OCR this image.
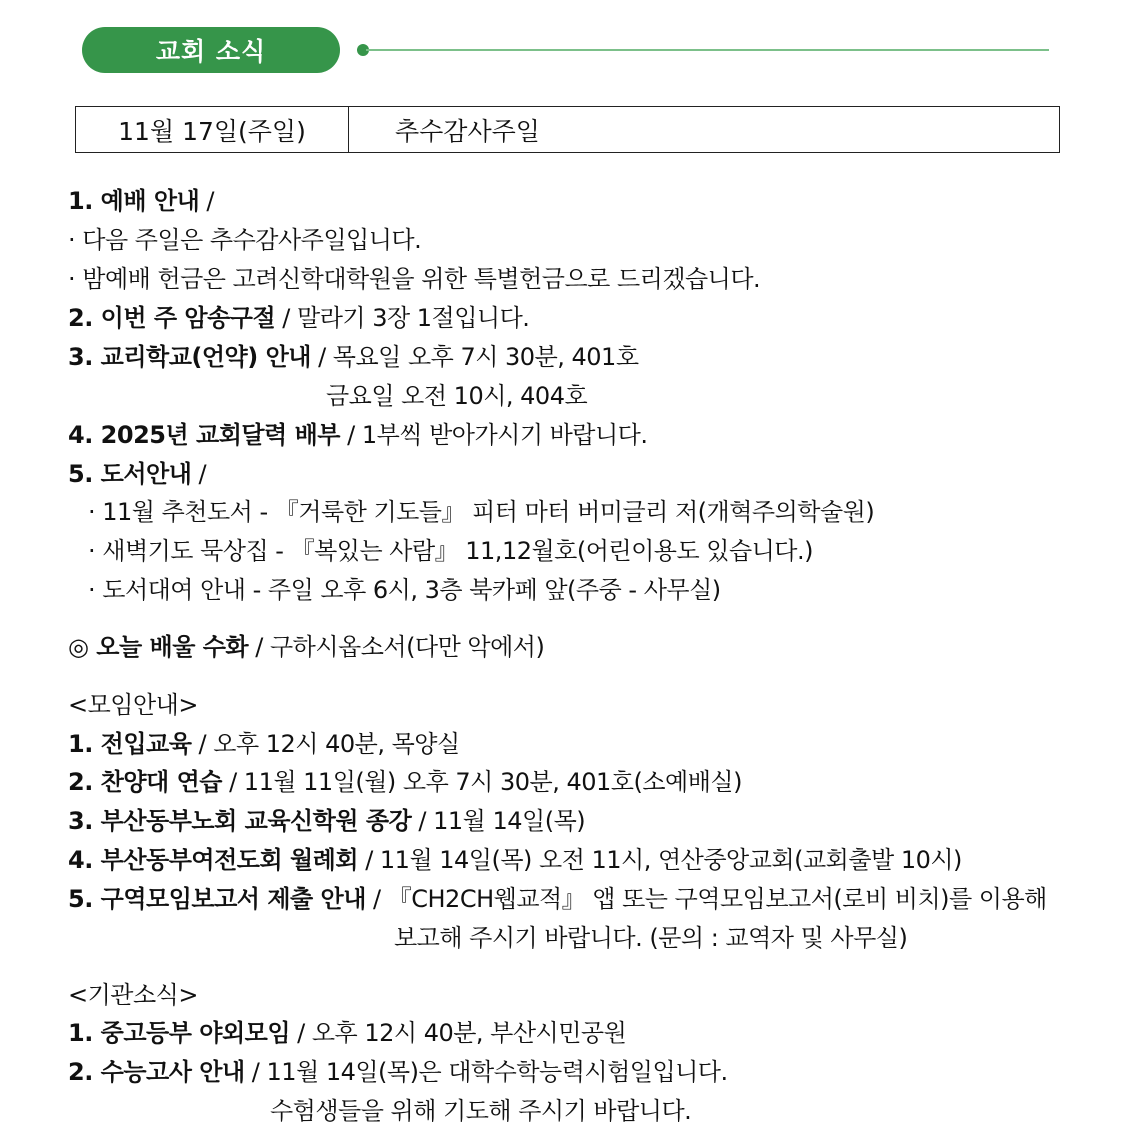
교회 소식
11월 17일(주일)	추수감사주일
1. 예배 안내 /
· 다음 주일은 추수감사주일입니다.
· 밤예배 헌금은 고려신학대학원을 위한 특별헌금으로 드리겠습니다.
2. 이번 주 암송구절 / 말라기 3장 1절입니다.
3. 교리학교(언약) 안내 / 목요일 오후 7시 30분, 401호
금요일 오전 10시, 404호
4. 2025년 교회달력 배부 / 1부씩 받아가시기 바랍니다.
5. 도서안내 /
· 11월 추천도서 - 『거룩한 기도들』 피터 마터 버미글리 저(개혁주의학술원)
· 새벽기도 묵상집 - 『복있는 사람』 11,12월호(어린이용도 있습니다.)
· 도서대여 안내 - 주일 오후 6시, 3층 북카페 앞(주중 - 사무실)
◎ 오늘 배울 수화 / 구하시옵소서(다만 악에서)
<모임안내>
1. 전입교육 / 오후 12시 40분, 목양실
2. 찬양대 연습 / 11월 11일(월) 오후 7시 30분, 401호(소예배실)
3. 부산동부노회 교육신학원 종강 / 11월 14일(목)
4. 부산동부여전도회 월례회 / 11월 14일(목) 오전 11시, 연산중앙교회(교회출발 10시)
5. 구역모임보고서 제출 안내 / 『CH2CH웹교적』 앱 또는 구역모임보고서(로비 비치)를 이용해
보고해 주시기 바랍니다. (문의 : 교역자 및 사무실)
<기관소식>
1. 중고등부 야외모임 / 오후 12시 40분, 부산시민공원
2. 수능고사 안내 / 11월 14일(목)은 대학수학능력시험일입니다.
수험생들을 위해 기도해 주시기 바랍니다.
